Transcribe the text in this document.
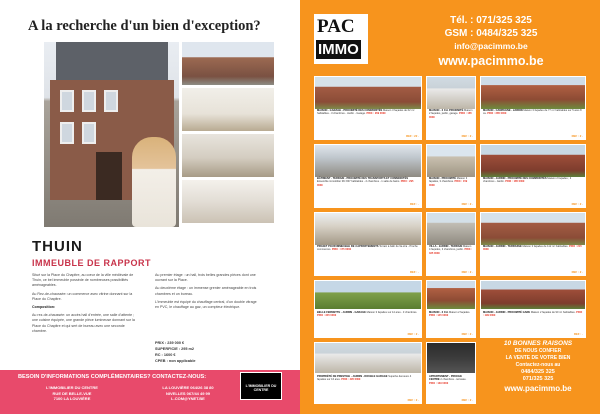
A la recherche d'un bien d'exception?
THUIN
IMMEUBLE DE RAPPORT

Situé sur la Place du Chapitre, au cœur de la ville médiévale de Thuin, ce bel immeuble possède de nombreuses possibilités aménageables.

Au Rez-de-chaussée: un commerce avec vitrine donnant sur la Place du Chapitre.

Composition:

Au rez-de-chaussée: un accès hall d'entrée, une salle d'attente ; une cuisine équipée, une grande pièce lumineuse donnant sur la Place du Chapitre et qui sert de bureau avec une seconde chambre.

Au premier étage : un hall, trois belles grandes pièces dont une ouvrant sur la Place.

Au deuxième étage : un immense grenier aménageable en trois chambres et un bureau.

L'immeuble est équipé du chauffage central, d'un double vitrage en PVC, le chauffage au gaz, un compteur électrique.

PRIX : 239 000 €
SUPERFICIE : 295 m2
RC : 1600 €
CPEB : non applicable
BESOIN D'INFORMATIONS COMPLÉMENTAIRES? CONTACTEZ-NOUS:
L'IMMOBILIER DU CENTRE
RUE DE BELLE-VUE
7100 LA LOUVIÈRE
LA LOUVIÈRE 064/26 38 80
NIVELLES 067/44 49 99
L.COM@YNET.BE
L'IMMOBILIER DU CENTRE
PAC
IMMO
Tél. : 071/325 325
GSM : 0484/325 325
info@pacimmo.be
www.pacimmo.be
MAISON - GARAGE - PROXIMITÉ DES COMMODITÉS Maison 3 façades de 62 m² habitables - 3 chambres - Jardin - Garage. PRIX : 269 000€
REF : 22 -
MAISON - 3 CH. PROXIMITÉ Maison 2 façades, jardin, garage. PRIX : 165 000€
REF : 2 -
MAISON - CAMPAGNE - JARDIN Maison 3 façades de 77 m² habitables sur 5 ares 8 ca. PRIX : 285 000€
REF : 2 -
BÂTIMENT - TERRAIN - PROXIMITÉ DES TRANSPORTS ET COMMODITÉS Ensemble immobilier RC 847 habitables - 2 chambres - 1 salle de bains. PRIX : 295 000€
REF : -
MAISON - PROXIMITÉ Maison 3 façades, 3 chambres. PRIX : 159 000€
REF : 2 -
MAISON - JARDIN - PROXIMITÉ DES COMMODITÉS Maison 2 façades ; 3 chambres - Jardin. PRIX : 185 000€
REF : 2 -
PROJET POUR IMMEUBLE DE 3 APPARTEMENTS Terrain à bâtir de 9a 2ca - Proche commerces. PRIX : 175 000€
REF : -
VILLA - JARDIN - TERRAIN Maison 4 façades, 3 chambres, jardin. PRIX : 325 000€
REF : 2 -
MAISON - JARDIN - TERRASSE Maison 3 façades de 112 m² habitables. PRIX : 215 000€
REF : 2 -
BELLE FERMETTE - JARDIN - GARAGE Maison 3 façades sur 14 ares - 3 chambres. PRIX : 345 000€
REF : 2 -
MAISON - 3 CH. Maison 2 façades. PRIX : 145 000€
REF : 2 -
MAISON - JARDIN - PROXIMITÉ GARE Maison 2 façades de 90 m² habitables. PRIX : 199 000€
REF : -
PROPRIÉTÉ DE PRESTIGE - JARDIN - DOUBLE GARAGE Superbe demeure 4 façades sur 16 ares. PRIX : 495 000€
REF : 2 -
APPARTEMENT - PROCHE CENTRE 2 chambres - terrasse. PRIX : 139 000€
REF : 2 -
10 BONNES RAISONS
DE NOUS CONFIER
LA VENTE DE VOTRE BIEN
Contactez-nous au
0484/325 325
071/325 325
www.pacimmo.be
